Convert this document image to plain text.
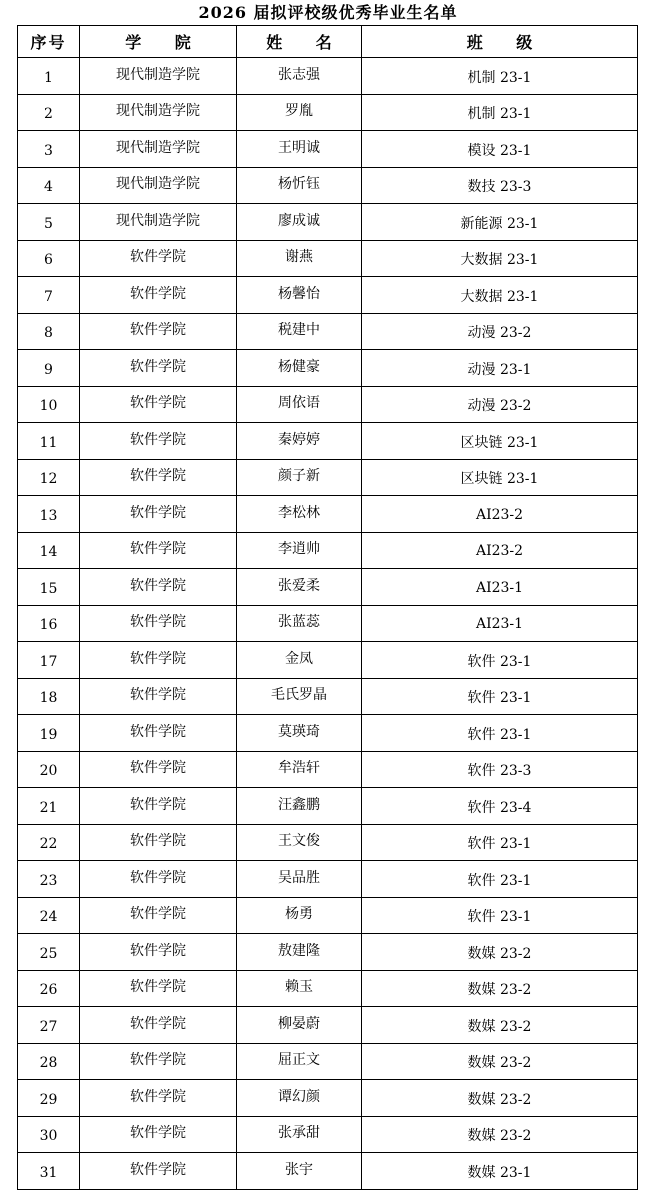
2026 届拟评校级优秀毕业生名单
序号	学 院	姓 名	班 级
1	现代制造学院	张志强	机制 23-1
2	现代制造学院	罗胤	机制 23-1
3	现代制造学院	王明诚	模设 23-1
4	现代制造学院	杨忻钰	数技 23-3
5	现代制造学院	廖成诚	新能源 23-1
6	软件学院	谢燕	大数据 23-1
7	软件学院	杨馨怡	大数据 23-1
8	软件学院	税建中	动漫 23-2
9	软件学院	杨健豪	动漫 23-1
10	软件学院	周依语	动漫 23-2
11	软件学院	秦婷婷	区块链 23-1
12	软件学院	颜子新	区块链 23-1
13	软件学院	李松林	AI23-2
14	软件学院	李逍帅	AI23-2
15	软件学院	张爱柔	AI23-1
16	软件学院	张蓝蕊	AI23-1
17	软件学院	金凤	软件 23-1
18	软件学院	毛氏罗晶	软件 23-1
19	软件学院	莫瑛琦	软件 23-1
20	软件学院	牟浩轩	软件 23-3
21	软件学院	汪鑫鹏	软件 23-4
22	软件学院	王文俊	软件 23-1
23	软件学院	吴品胜	软件 23-1
24	软件学院	杨勇	软件 23-1
25	软件学院	敖建隆	数媒 23-2
26	软件学院	赖玉	数媒 23-2
27	软件学院	柳晏蔚	数媒 23-2
28	软件学院	屈正文	数媒 23-2
29	软件学院	谭幻颜	数媒 23-2
30	软件学院	张承甜	数媒 23-2
31	软件学院	张宇	数媒 23-1
